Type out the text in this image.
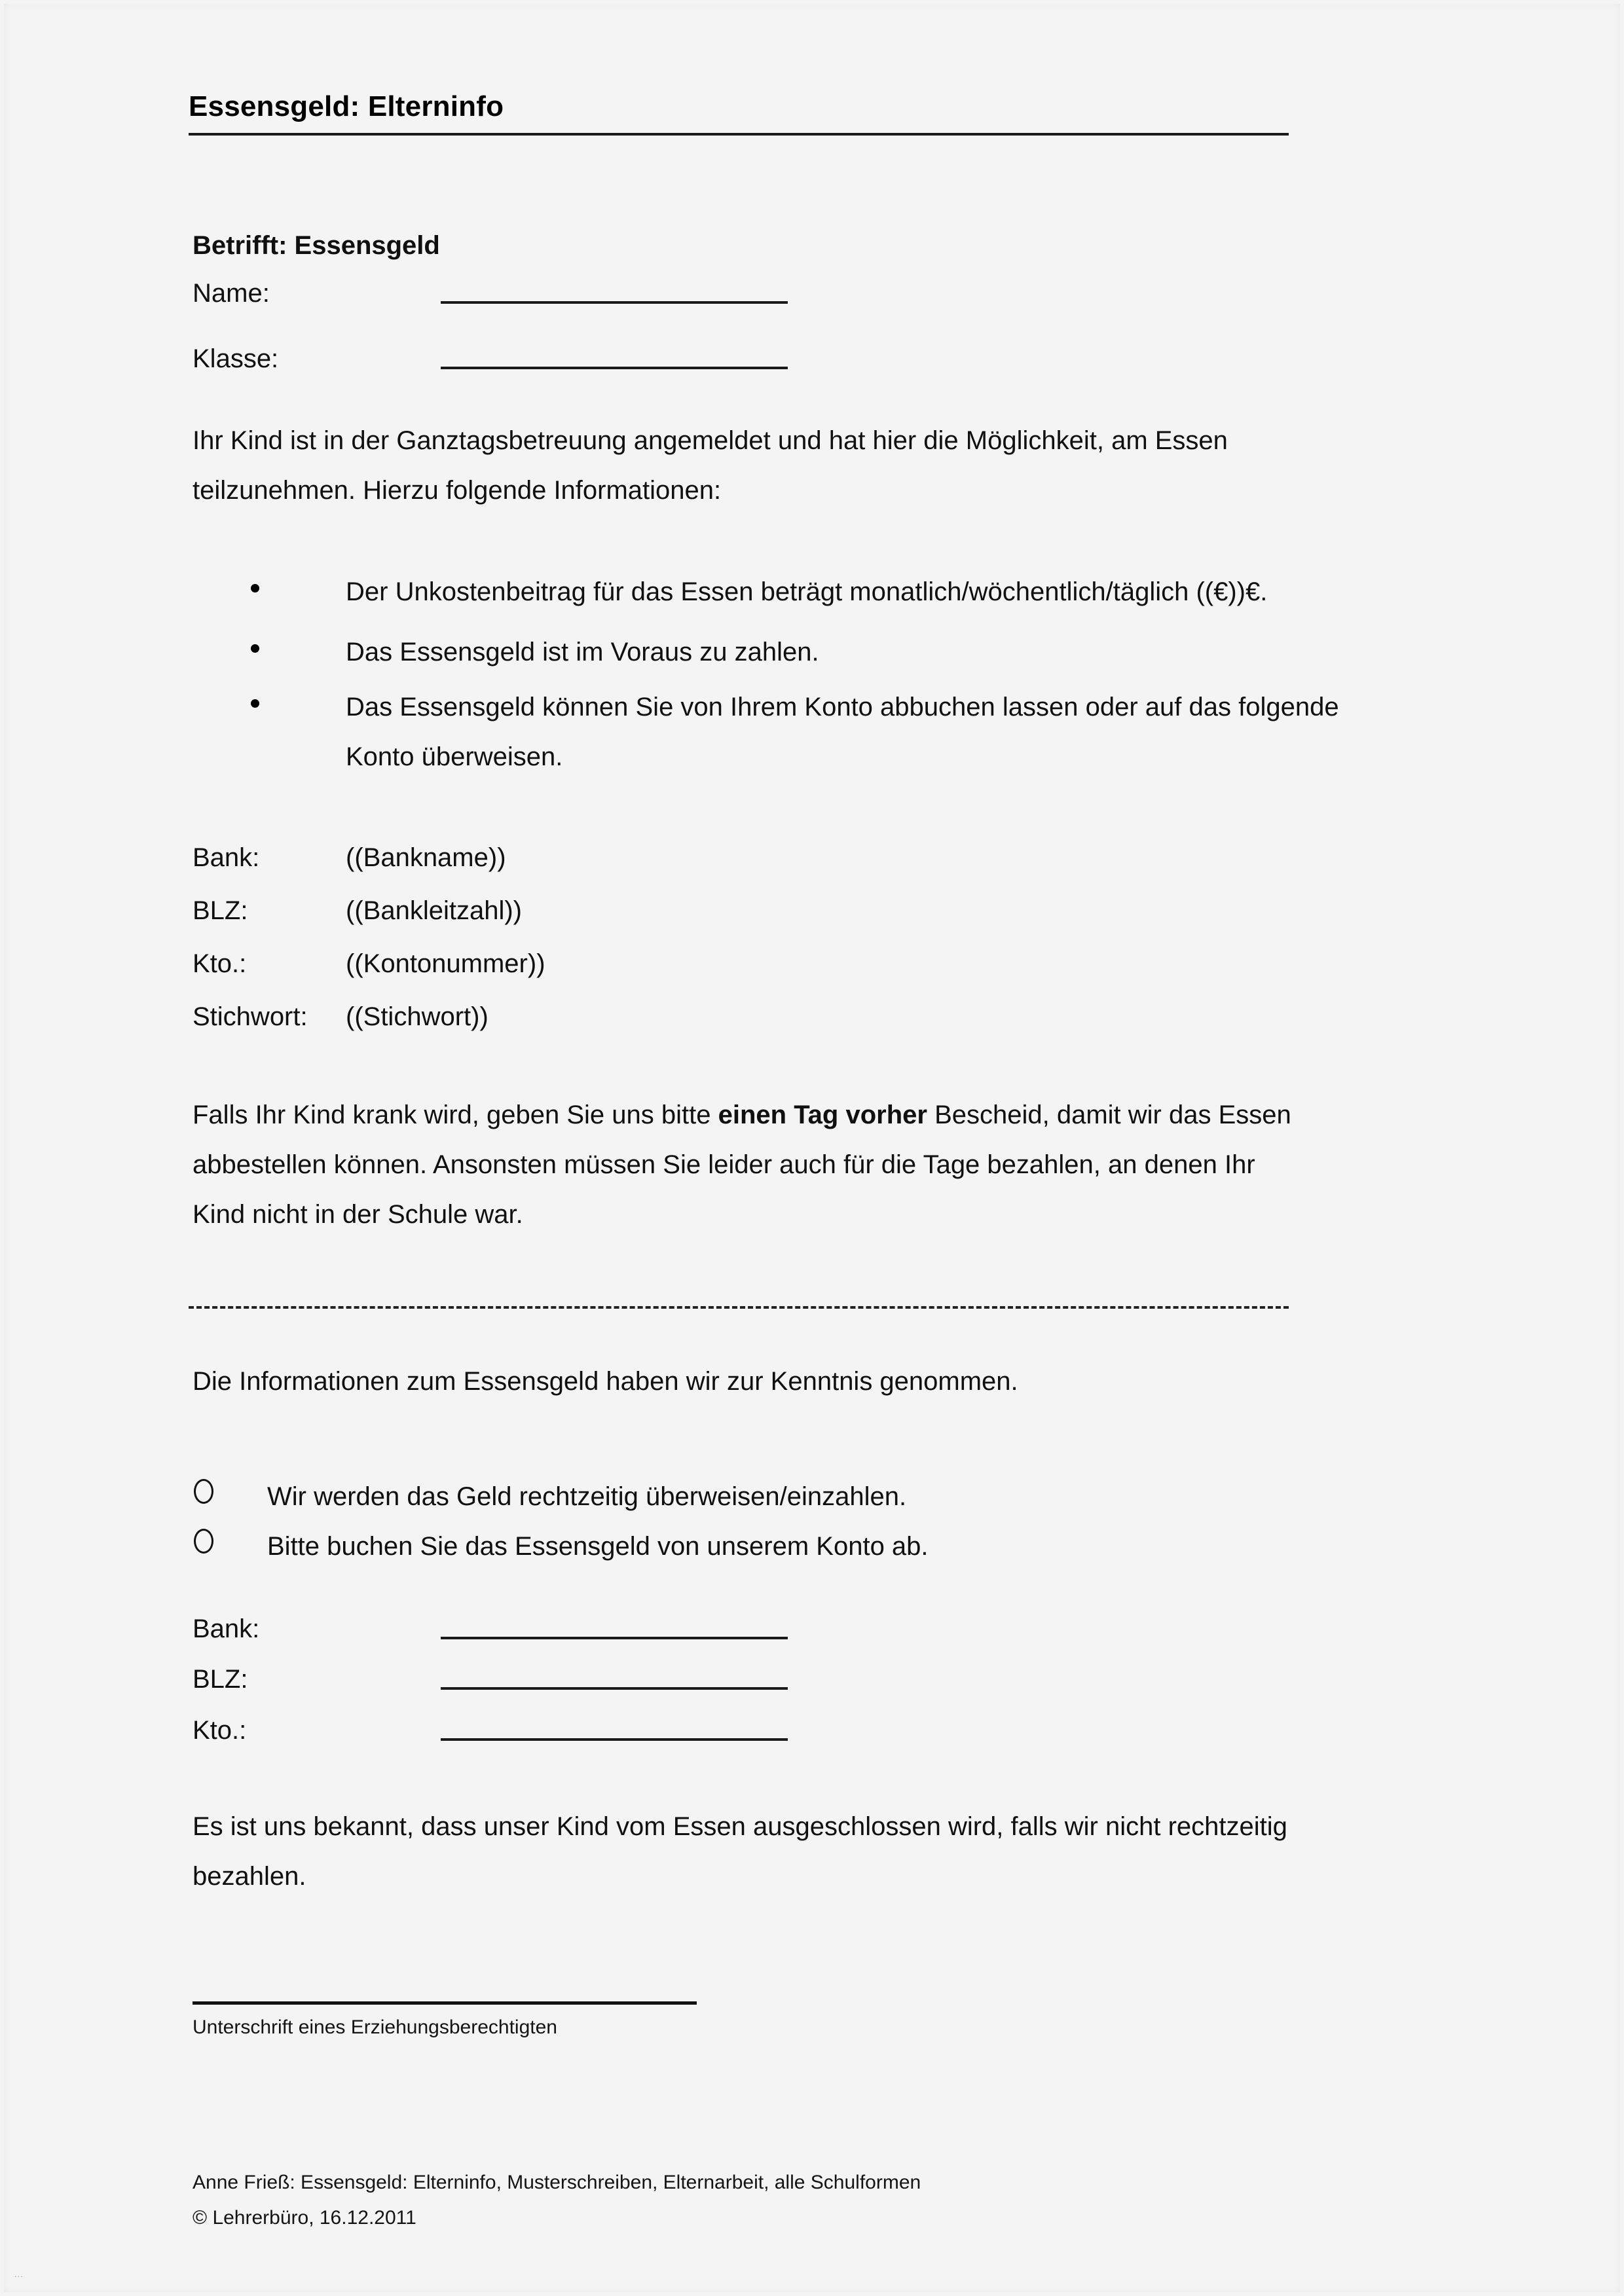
Essensgeld: Elterninfo
Betrifft: Essensgeld
Name:
Klasse:
Ihr Kind ist in der Ganztagsbetreuung angemeldet und hat hier die Möglichkeit, am Essen teilzunehmen. Hierzu folgende Informationen:
Der Unkostenbeitrag für das Essen beträgt monatlich/wöchentlich/täglich ((€))€.
Das Essensgeld ist im Voraus zu zahlen.
Das Essensgeld können Sie von Ihrem Konto abbuchen lassen oder auf das folgende Konto überweisen.
Bank:	((Bankname))
BLZ:	((Bankleitzahl))
Kto.:	((Kontonummer))
Stichwort: ((Stichwort))
Falls Ihr Kind krank wird, geben Sie uns bitte einen Tag vorher Bescheid, damit wir das Essen abbestellen können. Ansonsten müssen Sie leider auch für die Tage bezahlen, an denen Ihr Kind nicht in der Schule war.
Die Informationen zum Essensgeld haben wir zur Kenntnis genommen.
Wir werden das Geld rechtzeitig überweisen/einzahlen.
Bitte buchen Sie das Essensgeld von unserem Konto ab.
Bank:
BLZ:
Kto.:
Es ist uns bekannt, dass unser Kind vom Essen ausgeschlossen wird, falls wir nicht rechtzeitig bezahlen.
Unterschrift eines Erziehungsberechtigten
Anne Frieß: Essensgeld: Elterninfo, Musterschreiben, Elternarbeit, alle Schulformen
© Lehrerbüro, 16.12.2011
...
